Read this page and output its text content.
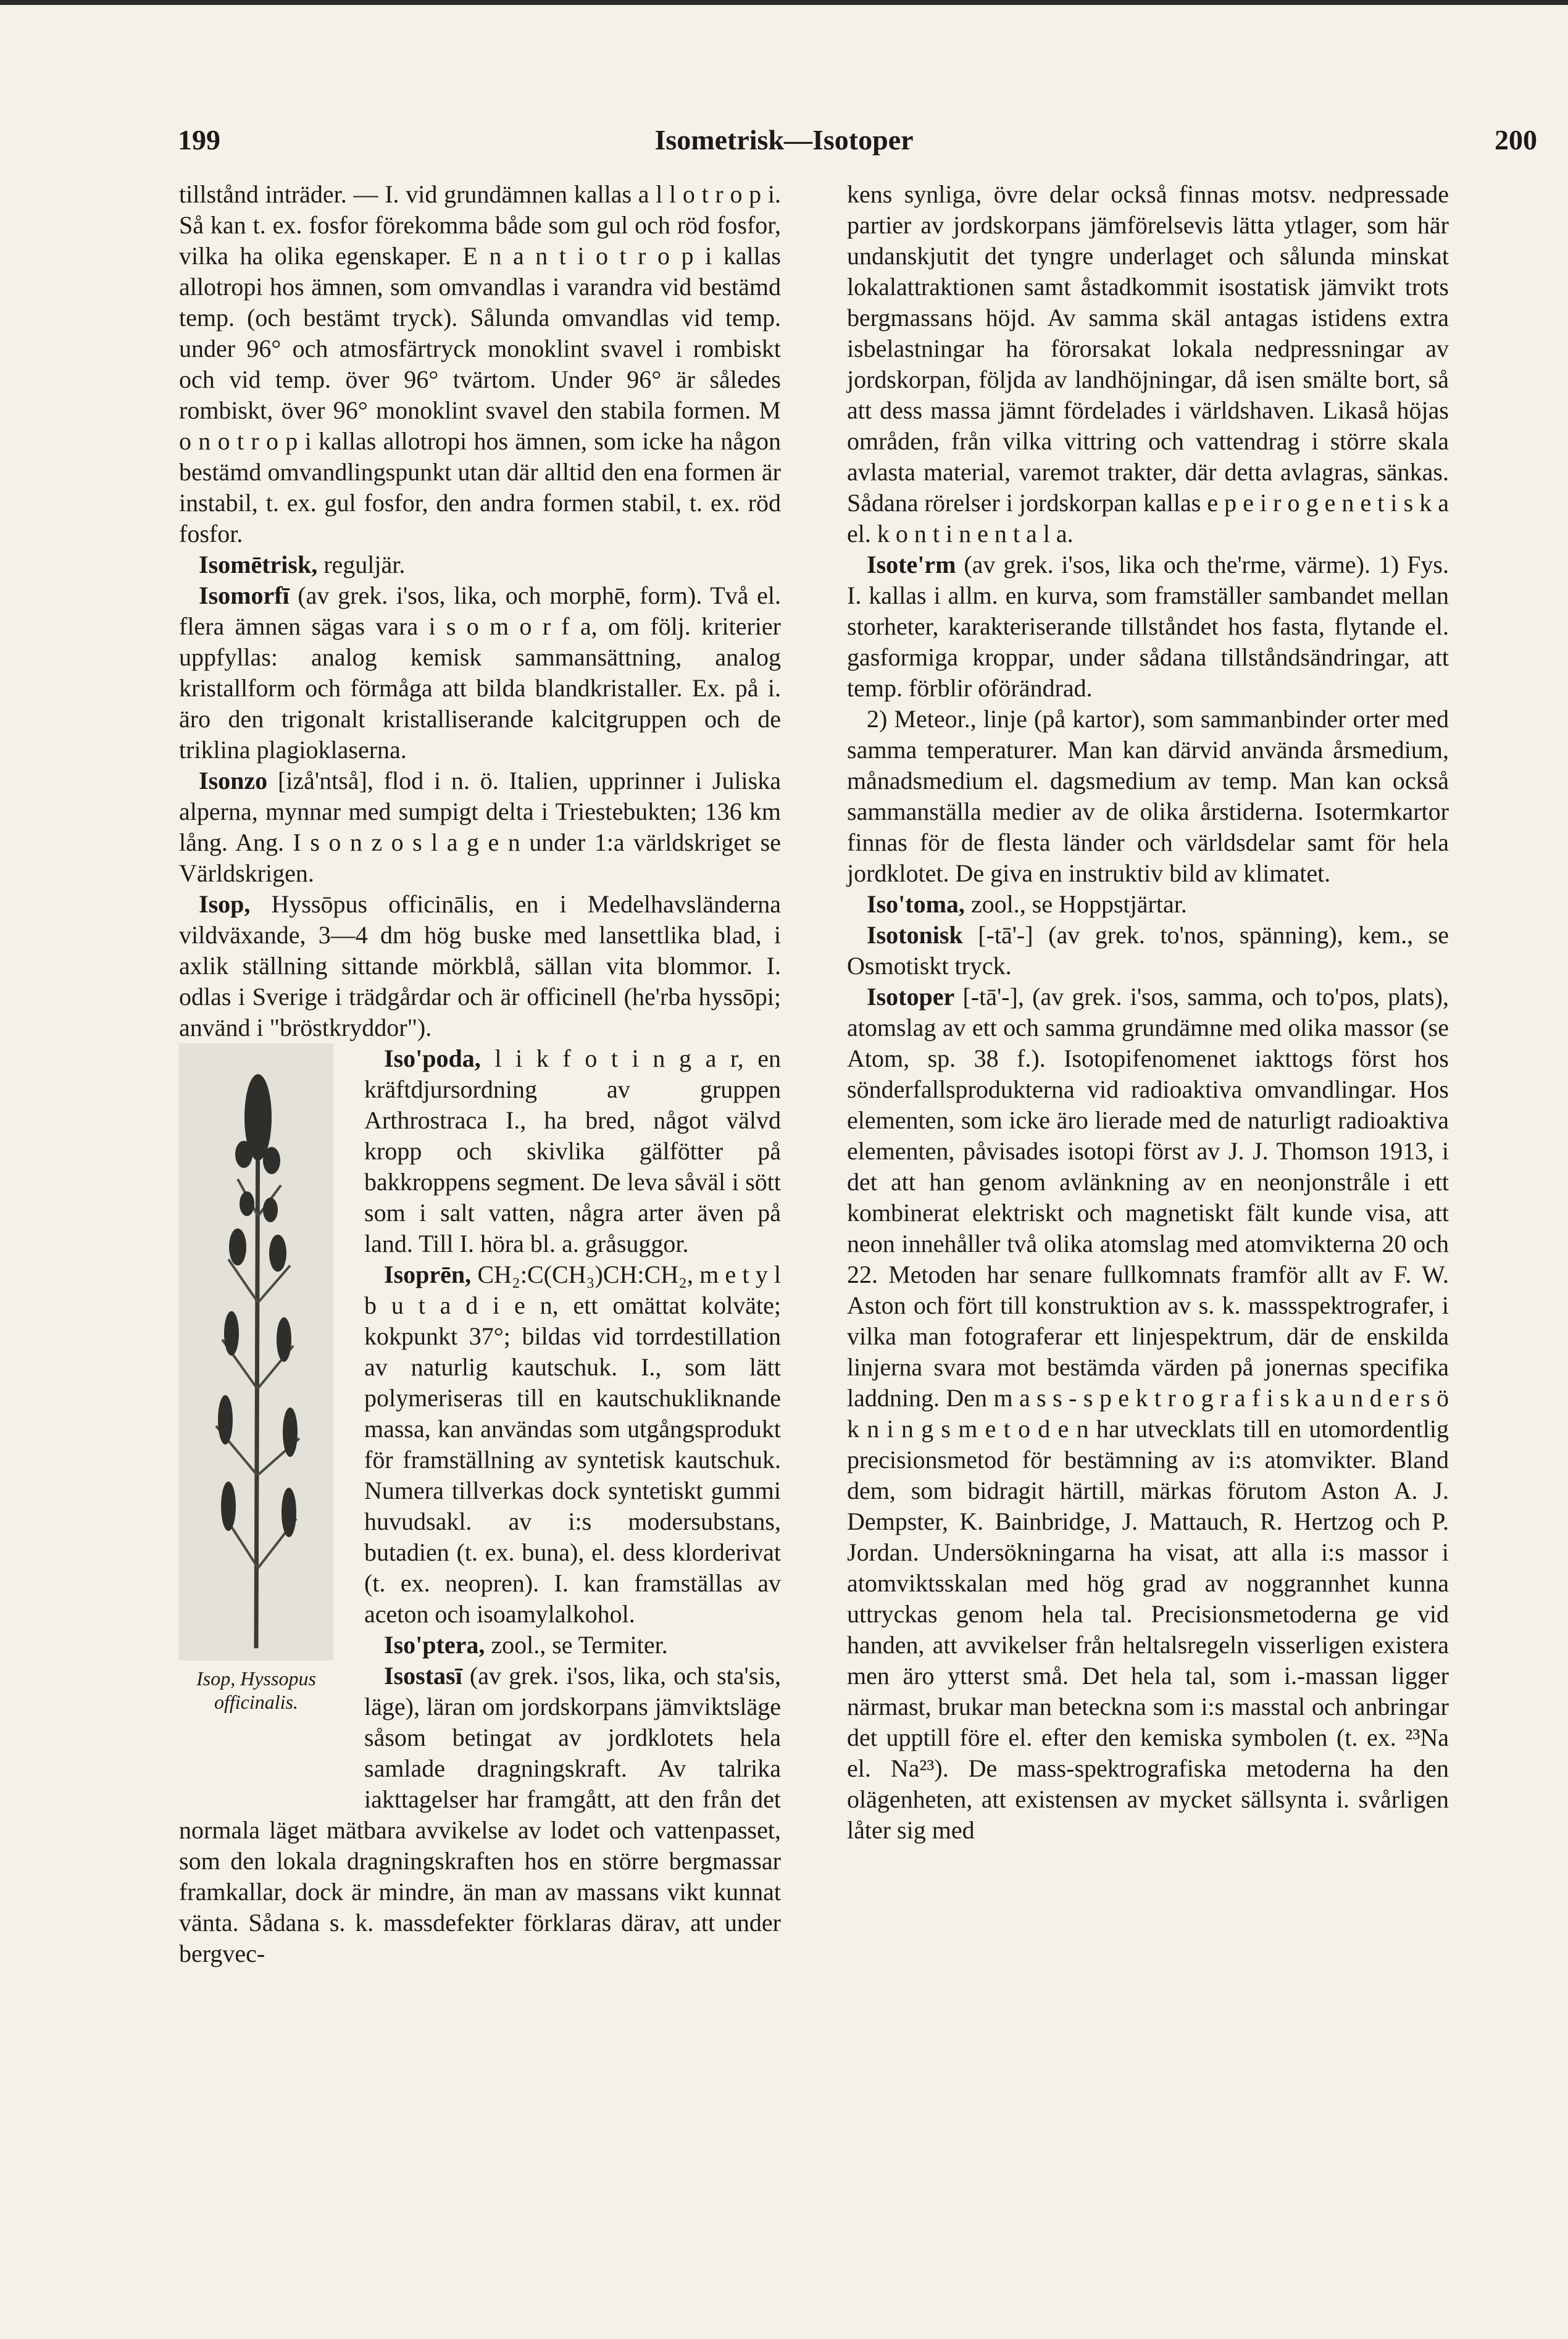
199	Isometrisk—Isotoper	200

tillstånd inträder. — I. vid grundämnen kallas a l l o t r o p i. Så kan t. ex. fosfor förekomma både som gul och röd fosfor, vilka ha olika egenskaper. E n a n t i o t r o p i kallas allotropi hos ämnen, som omvandlas i varandra vid bestämd temp. (och bestämt tryck). Sålunda omvandlas vid temp. under 96° och atmosfärtryck monoklint svavel i rombiskt och vid temp. över 96° tvärtom. Under 96° är således rombiskt, över 96° monoklint svavel den stabila formen. M o n o t r o p i kallas allotropi hos ämnen, som icke ha någon bestämd omvandlingspunkt utan där alltid den ena formen är instabil, t. ex. gul fosfor, den andra formen stabil, t. ex. röd fosfor.

Isomētrisk, reguljär.

Isomorfī (av grek. i'sos, lika, och morphē, form). Två el. flera ämnen sägas vara i s o m o r f a, om följ. kriterier uppfyllas: analog kemisk sammansättning, analog kristallform och förmåga att bilda blandkristaller. Ex. på i. äro den trigonalt kristalliserande kalcitgruppen och de triklina plagioklaserna.

Isonzo [izå'ntså], flod i n. ö. Italien, upprinner i Juliska alperna, mynnar med sumpigt delta i Triestebukten; 136 km lång. Ang. I s o n z o s l a g e n under 1:a världskriget se Världskrigen.

Isop, Hyssōpus officinālis, en i Medelhavsländerna vildväxande, 3—4 dm hög buske med lansettlika blad, i axlik ställning sittande mörkblå, sällan vita blommor. I. odlas i Sverige i trädgårdar och är officinell (he'rba hyssōpi; använd i "bröstkryddor").

Isop, Hyssopus officinalis.

Iso'poda, l i k f o t i n g a r, en kräftdjursordning av gruppen Arthrostraca I., ha bred, något välvd kropp och skivlika gälfötter på bakkroppens segment. De leva såväl i sött som i salt vatten, några arter även på land. Till I. höra bl. a. gråsuggor.

Isoprēn, CH₂:C(CH₃)CH:CH₂, m e t y l b u t a d i e n, ett omättat kolväte; kokpunkt 37°; bildas vid torrdestillation av naturlig kautschuk. I., som lätt polymeriseras till en kautschukliknande massa, kan användas som utgångsprodukt för framställning av syntetisk kautschuk. Numera tillverkas dock syntetiskt gummi huvudsakl. av i:s modersubstans, butadien (t. ex. buna), el. dess klorderivat (t. ex. neopren). I. kan framställas av aceton och isoamylalkohol.

Iso'ptera, zool., se Termiter.

Isostasī (av grek. i'sos, lika, och sta'sis, läge), läran om jordskorpans jämviktsläge såsom betingat av jordklotets hela samlade dragningskraft. Av talrika iakttagelser har framgått, att den från det normala läget mätbara avvikelse av lodet och vattenpasset, som den lokala dragningskraften hos en större bergmassar framkallar, dock är mindre, än man av massans vikt kunnat vänta. Sådana s. k. massdefekter förklaras därav, att under bergvec-

kens synliga, övre delar också finnas motsv. nedpressade partier av jordskorpans jämförelsevis lätta ytlager, som här undanskjutit det tyngre underlaget och sålunda minskat lokalattraktionen samt åstadkommit isostatisk jämvikt trots bergmassans höjd. Av samma skäl antagas istidens extra isbelastningar ha förorsakat lokala nedpressningar av jordskorpan, följda av landhöjningar, då isen smälte bort, så att dess massa jämnt fördelades i världshaven. Likaså höjas områden, från vilka vittring och vattendrag i större skala avlasta material, varemot trakter, där detta avlagras, sänkas. Sådana rörelser i jordskorpan kallas e p e i r o g e n e t i s k a el. k o n t i n e n t a l a.

Isote'rm (av grek. i'sos, lika och the'rme, värme). 1) Fys. I. kallas i allm. en kurva, som framställer sambandet mellan storheter, karakteriserande tillståndet hos fasta, flytande el. gasformiga kroppar, under sådana tillståndsändringar, att temp. förblir oförändrad.

2) Meteor., linje (på kartor), som sammanbinder orter med samma temperaturer. Man kan därvid använda årsmedium, månadsmedium el. dagsmedium av temp. Man kan också sammanställa medier av de olika årstiderna. Isotermkartor finnas för de flesta länder och världsdelar samt för hela jordklotet. De giva en instruktiv bild av klimatet.

Iso'toma, zool., se Hoppstjärtar.

Isotonisk [-tā'-] (av grek. to'nos, spänning), kem., se Osmotiskt tryck.

Isotoper [-tā'-], (av grek. i'sos, samma, och to'pos, plats), atomslag av ett och samma grundämne med olika massor (se Atom, sp. 38 f.). Isotopifenomenet iakttogs först hos sönderfallsprodukterna vid radioaktiva omvandlingar. Hos elementen, som icke äro lierade med de naturligt radioaktiva elementen, påvisades isotopi först av J. J. Thomson 1913, i det att han genom avlänkning av en neonjonstråle i ett kombinerat elektriskt och magnetiskt fält kunde visa, att neon innehåller två olika atomslag med atomvikterna 20 och 22. Metoden har senare fullkomnats framför allt av F. W. Aston och fört till konstruktion av s. k. massspektrografer, i vilka man fotograferar ett linjespektrum, där de enskilda linjerna svara mot bestämda värden på jonernas specifika laddning. Den m a s s - s p e k t r o g r a f i s k a u n d e r s ö k n i n g s m e t o d e n har utvecklats till en utomordentlig precisionsmetod för bestämning av i:s atomvikter. Bland dem, som bidragit härtill, märkas förutom Aston A. J. Dempster, K. Bainbridge, J. Mattauch, R. Hertzog och P. Jordan. Undersökningarna ha visat, att alla i:s massor i atomviktsskalan med hög grad av noggrannhet kunna uttryckas genom hela tal. Precisionsmetoderna ge vid handen, att avvikelser från heltalsregeln visserligen existera men äro ytterst små. Det hela tal, som i.-massan ligger närmast, brukar man beteckna som i:s masstal och anbringar det upptill före el. efter den kemiska symbolen (t. ex. ²³Na el. Na²³). De mass-spektrografiska metoderna ha den olägenheten, att existensen av mycket sällsynta i. svårligen låter sig med
